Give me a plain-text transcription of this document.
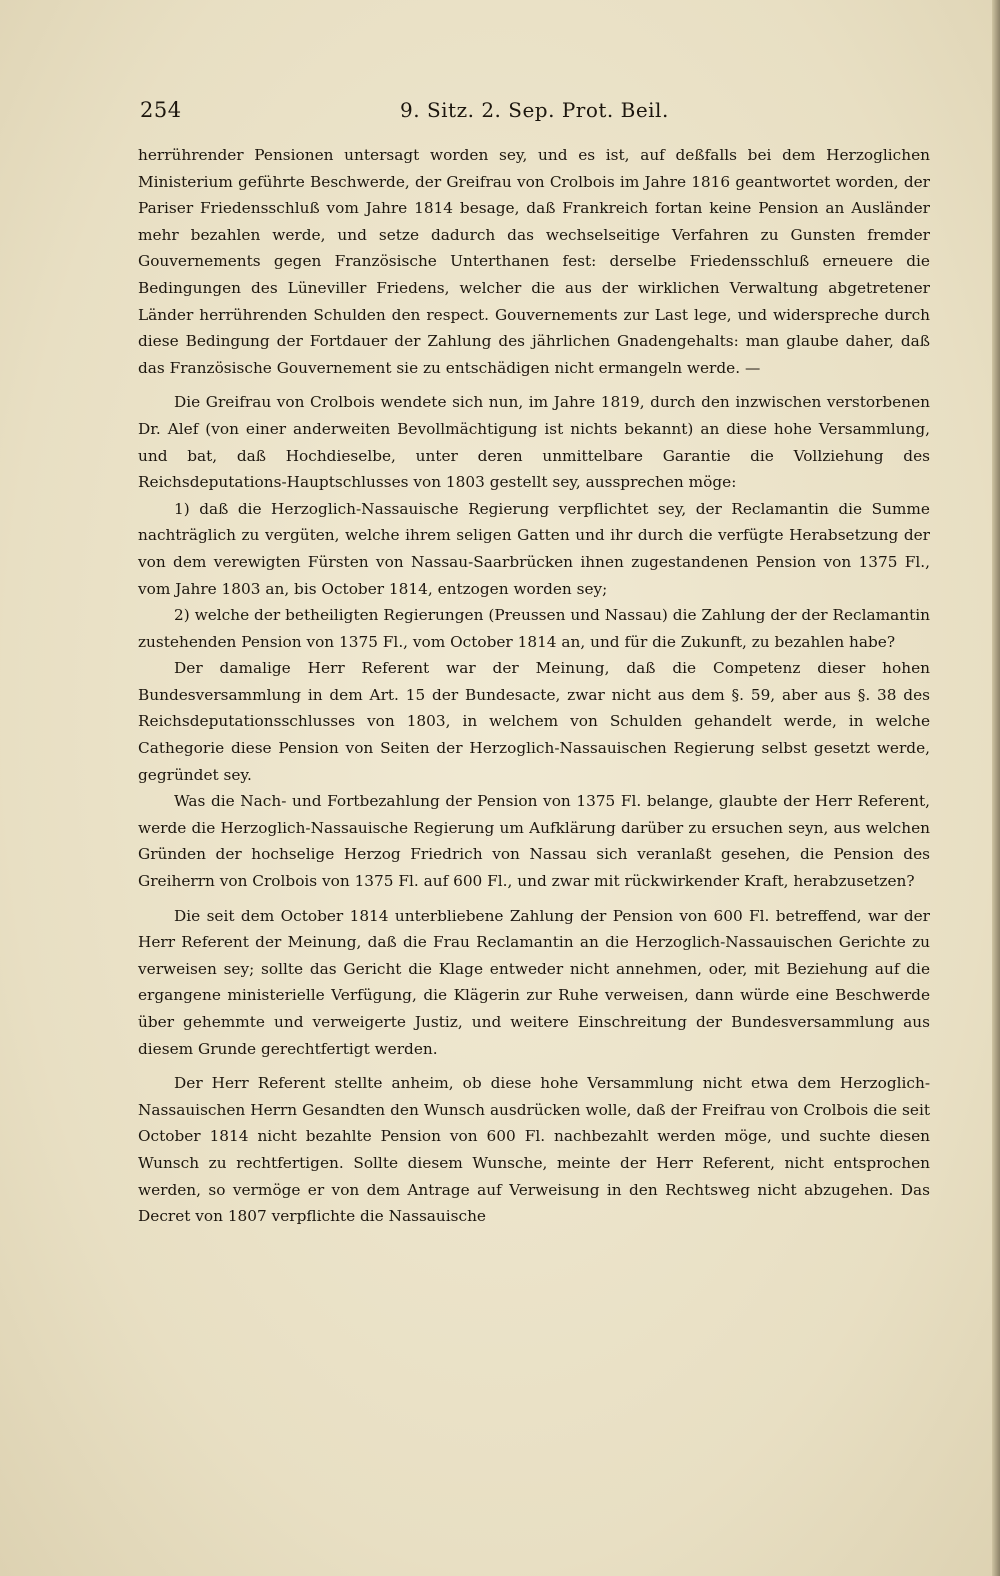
254	9. Sitz. 2. Sep. Prot. Beil.

herrührender Pensionen untersagt worden sey, und es ist, auf deßfalls bei dem Herzoglichen Ministerium geführte Beschwerde, der Greifrau von Crolbois im Jahre 1816 geantwortet worden, der Pariser Friedensschluß vom Jahre 1814 besage, daß Frankreich fortan keine Pension an Ausländer mehr bezahlen werde, und setze dadurch das wechselseitige Verfahren zu Gunsten fremder Gouvernements gegen Französische Unterthanen fest: derselbe Friedensschluß erneuere die Bedingungen des Lüneviller Friedens, welcher die aus der wirklichen Verwaltung abgetretener Länder herrührenden Schulden den respect. Gouvernements zur Last lege, und widerspreche durch diese Bedingung der Fortdauer der Zahlung des jährlichen Gnadengehalts: man glaube daher, daß das Französische Gouvernement sie zu entschädigen nicht ermangeln werde. —

Die Greifrau von Crolbois wendete sich nun, im Jahre 1819, durch den inzwischen verstorbenen Dr. Alef (von einer anderweiten Bevollmächtigung ist nichts bekannt) an diese hohe Versammlung, und bat, daß Hochdieselbe, unter deren unmittelbare Garantie die Vollziehung des Reichsdeputations-Hauptschlusses von 1803 gestellt sey, aussprechen möge:

1) daß die Herzoglich-Nassauische Regierung verpflichtet sey, der Reclamantin die Summe nachträglich zu vergüten, welche ihrem seligen Gatten und ihr durch die verfügte Herabsetzung der von dem verewigten Fürsten von Nassau-Saarbrücken ihnen zugestandenen Pension von 1375 Fl., vom Jahre 1803 an, bis October 1814, entzogen worden sey;

2) welche der betheiligten Regierungen (Preussen und Nassau) die Zahlung der der Reclamantin zustehenden Pension von 1375 Fl., vom October 1814 an, und für die Zukunft, zu bezahlen habe?

Der damalige Herr Referent war der Meinung, daß die Competenz dieser hohen Bundesversammlung in dem Art. 15 der Bundesacte, zwar nicht aus dem §. 59, aber aus §. 38 des Reichsdeputationsschlusses von 1803, in welchem von Schulden gehandelt werde, in welche Cathegorie diese Pension von Seiten der Herzoglich-Nassauischen Regierung selbst gesetzt werde, gegründet sey.

Was die Nach- und Fortbezahlung der Pension von 1375 Fl. belange, glaubte der Herr Referent, werde die Herzoglich-Nassauische Regierung um Aufklärung darüber zu ersuchen seyn, aus welchen Gründen der hochselige Herzog Friedrich von Nassau sich veranlaßt gesehen, die Pension des Greiherrn von Crolbois von 1375 Fl. auf 600 Fl., und zwar mit rückwirkender Kraft, herabzusetzen?

Die seit dem October 1814 unterbliebene Zahlung der Pension von 600 Fl. betreffend, war der Herr Referent der Meinung, daß die Frau Reclamantin an die Herzoglich-Nassauischen Gerichte zu verweisen sey; sollte das Gericht die Klage entweder nicht annehmen, oder, mit Beziehung auf die ergangene ministerielle Verfügung, die Klägerin zur Ruhe verweisen, dann würde eine Beschwerde über gehemmte und verweigerte Justiz, und weitere Einschreitung der Bundesversammlung aus diesem Grunde gerechtfertigt werden.

Der Herr Referent stellte anheim, ob diese hohe Versammlung nicht etwa dem Herzoglich-Nassauischen Herrn Gesandten den Wunsch ausdrücken wolle, daß der Freifrau von Crolbois die seit October 1814 nicht bezahlte Pension von 600 Fl. nachbezahlt werden möge, und suchte diesen Wunsch zu rechtfertigen. Sollte diesem Wunsche, meinte der Herr Referent, nicht entsprochen werden, so vermöge er von dem Antrage auf Verweisung in den Rechtsweg nicht abzugehen. Das Decret von 1807 verpflichte die Nassauische
